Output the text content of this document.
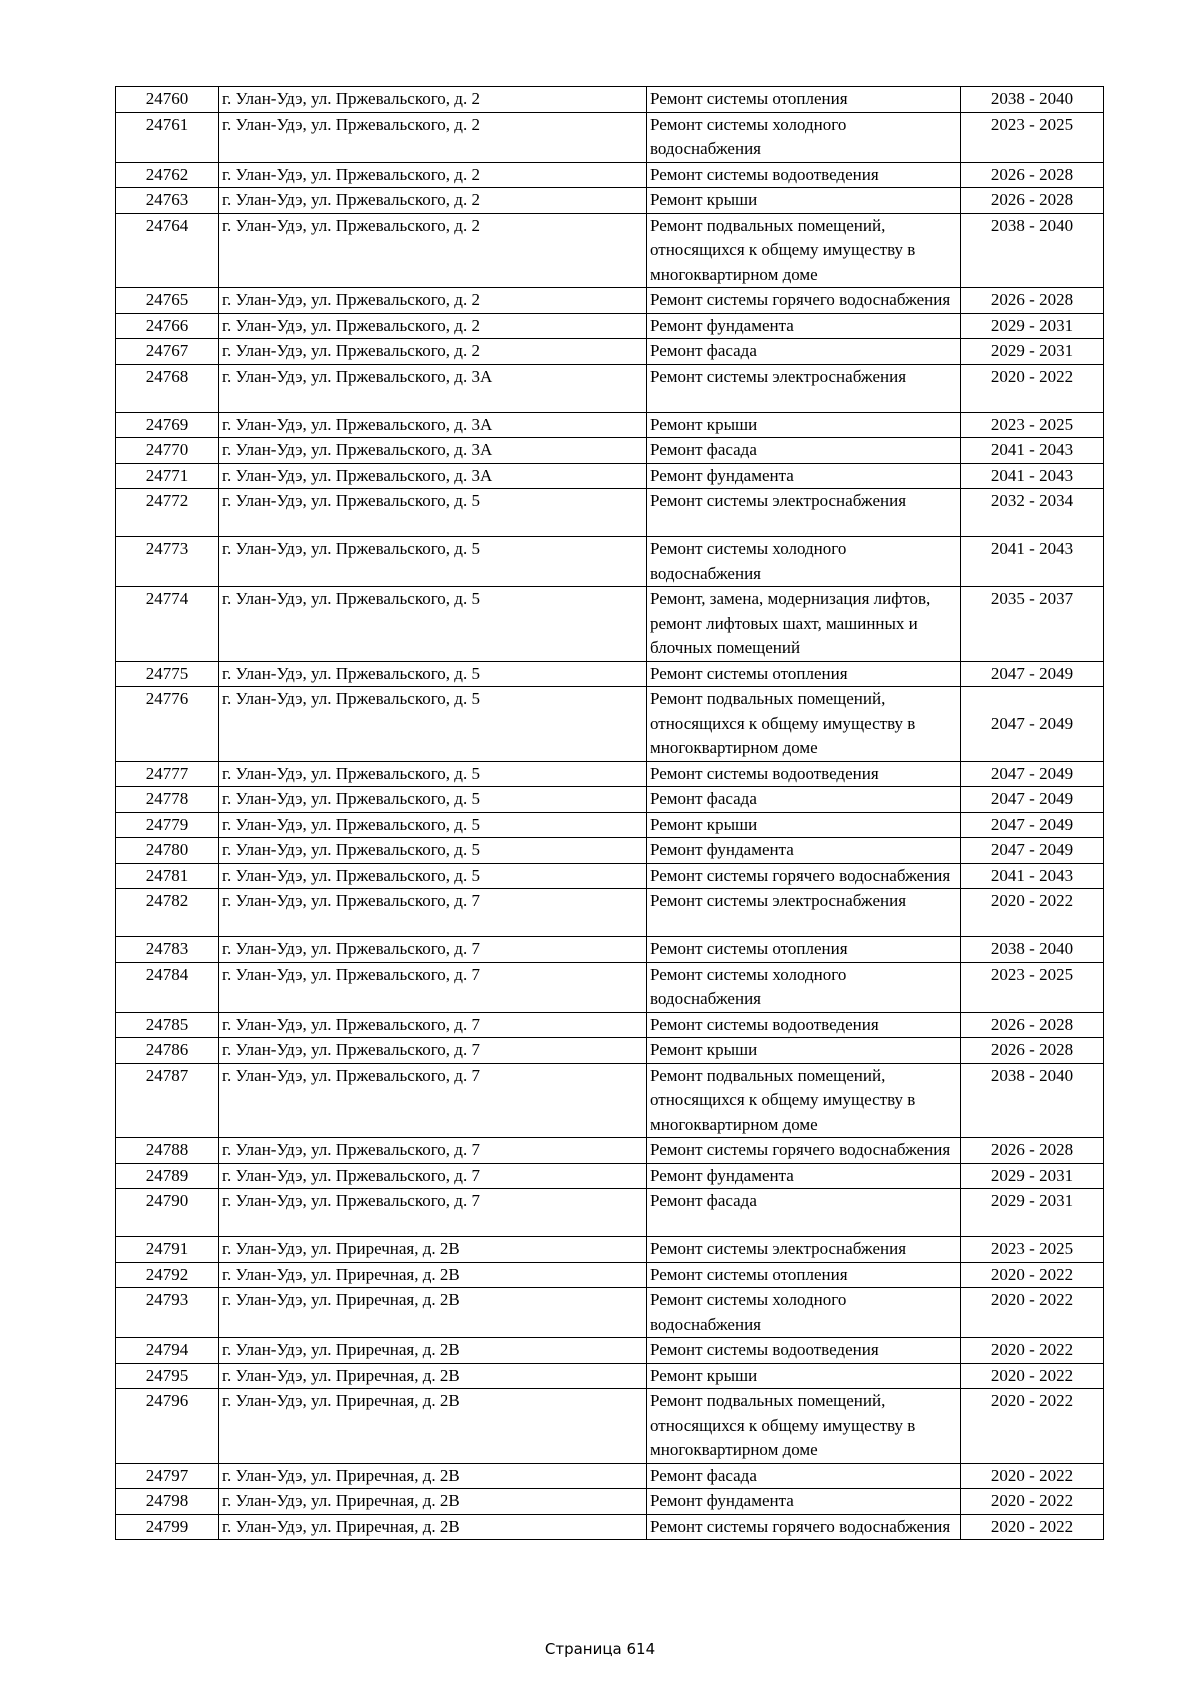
24760	г. Улан-Удэ, ул. Пржевальского, д. 2	Ремонт системы отопления	2038 - 2040
24761	г. Улан-Удэ, ул. Пржевальского, д. 2	Ремонт системы холодного водоснабжения	2023 - 2025
24762	г. Улан-Удэ, ул. Пржевальского, д. 2	Ремонт системы водоотведения	2026 - 2028
24763	г. Улан-Удэ, ул. Пржевальского, д. 2	Ремонт крыши	2026 - 2028
24764	г. Улан-Удэ, ул. Пржевальского, д. 2	Ремонт подвальных помещений, относящихся к общему имуществу в многоквартирном доме	2038 - 2040
24765	г. Улан-Удэ, ул. Пржевальского, д. 2	Ремонт системы горячего водоснабжения	2026 - 2028
24766	г. Улан-Удэ, ул. Пржевальского, д. 2	Ремонт фундамента	2029 - 2031
24767	г. Улан-Удэ, ул. Пржевальского, д. 2	Ремонт фасада	2029 - 2031
24768	г. Улан-Удэ, ул. Пржевальского, д. 3А	Ремонт системы электроснабжения	2020 - 2022
24769	г. Улан-Удэ, ул. Пржевальского, д. 3А	Ремонт крыши	2023 - 2025
24770	г. Улан-Удэ, ул. Пржевальского, д. 3А	Ремонт фасада	2041 - 2043
24771	г. Улан-Удэ, ул. Пржевальского, д. 3А	Ремонт фундамента	2041 - 2043
24772	г. Улан-Удэ, ул. Пржевальского, д. 5	Ремонт системы электроснабжения	2032 - 2034
24773	г. Улан-Удэ, ул. Пржевальского, д. 5	Ремонт системы холодного водоснабжения	2041 - 2043
24774	г. Улан-Удэ, ул. Пржевальского, д. 5	Ремонт, замена, модернизация лифтов, ремонт лифтовых шахт, машинных и блочных помещений	2035 - 2037
24775	г. Улан-Удэ, ул. Пржевальского, д. 5	Ремонт системы отопления	2047 - 2049
24776	г. Улан-Удэ, ул. Пржевальского, д. 5	Ремонт подвальных помещений, относящихся к общему имуществу в многоквартирном доме	2047 - 2049
24777	г. Улан-Удэ, ул. Пржевальского, д. 5	Ремонт системы водоотведения	2047 - 2049
24778	г. Улан-Удэ, ул. Пржевальского, д. 5	Ремонт фасада	2047 - 2049
24779	г. Улан-Удэ, ул. Пржевальского, д. 5	Ремонт крыши	2047 - 2049
24780	г. Улан-Удэ, ул. Пржевальского, д. 5	Ремонт фундамента	2047 - 2049
24781	г. Улан-Удэ, ул. Пржевальского, д. 5	Ремонт системы горячего водоснабжения	2041 - 2043
24782	г. Улан-Удэ, ул. Пржевальского, д. 7	Ремонт системы электроснабжения	2020 - 2022
24783	г. Улан-Удэ, ул. Пржевальского, д. 7	Ремонт системы отопления	2038 - 2040
24784	г. Улан-Удэ, ул. Пржевальского, д. 7	Ремонт системы холодного водоснабжения	2023 - 2025
24785	г. Улан-Удэ, ул. Пржевальского, д. 7	Ремонт системы водоотведения	2026 - 2028
24786	г. Улан-Удэ, ул. Пржевальского, д. 7	Ремонт крыши	2026 - 2028
24787	г. Улан-Удэ, ул. Пржевальского, д. 7	Ремонт подвальных помещений, относящихся к общему имуществу в многоквартирном доме	2038 - 2040
24788	г. Улан-Удэ, ул. Пржевальского, д. 7	Ремонт системы горячего водоснабжения	2026 - 2028
24789	г. Улан-Удэ, ул. Пржевальского, д. 7	Ремонт фундамента	2029 - 2031
24790	г. Улан-Удэ, ул. Пржевальского, д. 7	Ремонт фасада	2029 - 2031
24791	г. Улан-Удэ, ул. Приречная, д. 2В	Ремонт системы электроснабжения	2023 - 2025
24792	г. Улан-Удэ, ул. Приречная, д. 2В	Ремонт системы отопления	2020 - 2022
24793	г. Улан-Удэ, ул. Приречная, д. 2В	Ремонт системы холодного водоснабжения	2020 - 2022
24794	г. Улан-Удэ, ул. Приречная, д. 2В	Ремонт системы водоотведения	2020 - 2022
24795	г. Улан-Удэ, ул. Приречная, д. 2В	Ремонт крыши	2020 - 2022
24796	г. Улан-Удэ, ул. Приречная, д. 2В	Ремонт подвальных помещений, относящихся к общему имуществу в многоквартирном доме	2020 - 2022
24797	г. Улан-Удэ, ул. Приречная, д. 2В	Ремонт фасада	2020 - 2022
24798	г. Улан-Удэ, ул. Приречная, д. 2В	Ремонт фундамента	2020 - 2022
24799	г. Улан-Удэ, ул. Приречная, д. 2В	Ремонт системы горячего водоснабжения	2020 - 2022
Страница 614
